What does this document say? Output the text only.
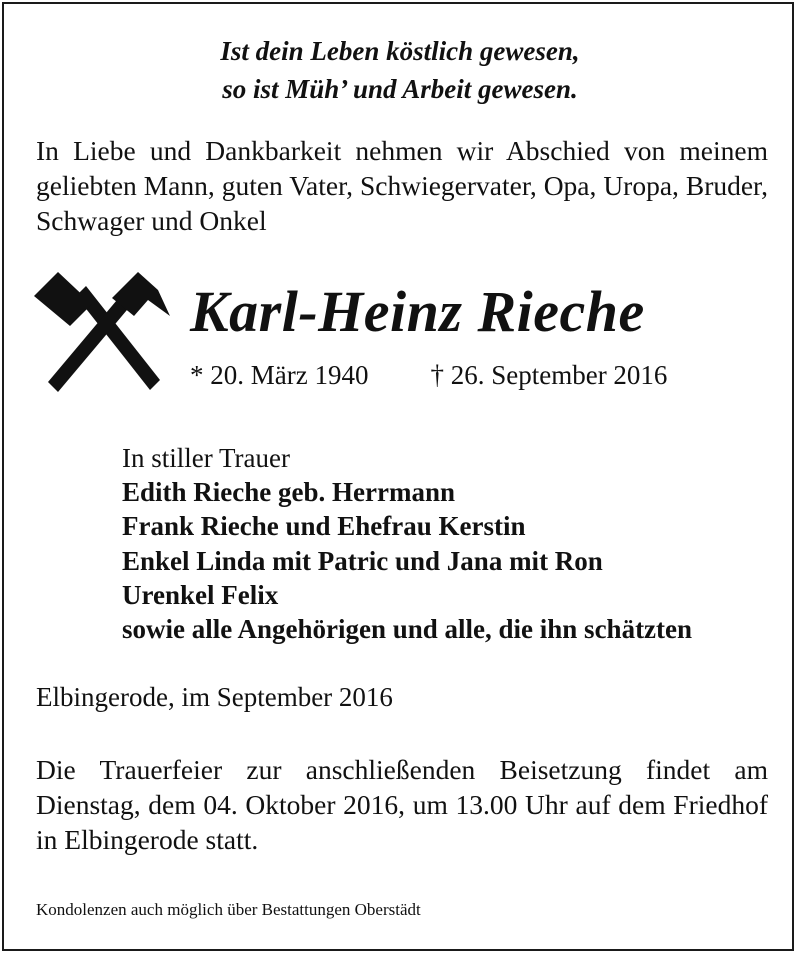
Ist dein Leben köstlich gewesen,
so ist Müh’ und Arbeit gewesen.
In Liebe und Dankbarkeit nehmen wir Abschied von meinem geliebten Mann, guten Vater, Schwiegervater, Opa, Uropa, Bruder, Schwager und Onkel
Karl-Heinz Rieche
* 20. März 1940 † 26. September 2016
In stiller Trauer
Edith Rieche geb. Herrmann
Frank Rieche und Ehefrau Kerstin
Enkel Linda mit Patric und Jana mit Ron
Urenkel Felix
sowie alle Angehörigen und alle, die ihn schätzten
Elbingerode, im September 2016
Die Trauerfeier zur anschließenden Beisetzung findet am Dienstag, dem 04. Oktober 2016, um 13.00 Uhr auf dem Friedhof in Elbingerode statt.
Kondolenzen auch möglich über Bestattungen Oberstädt
